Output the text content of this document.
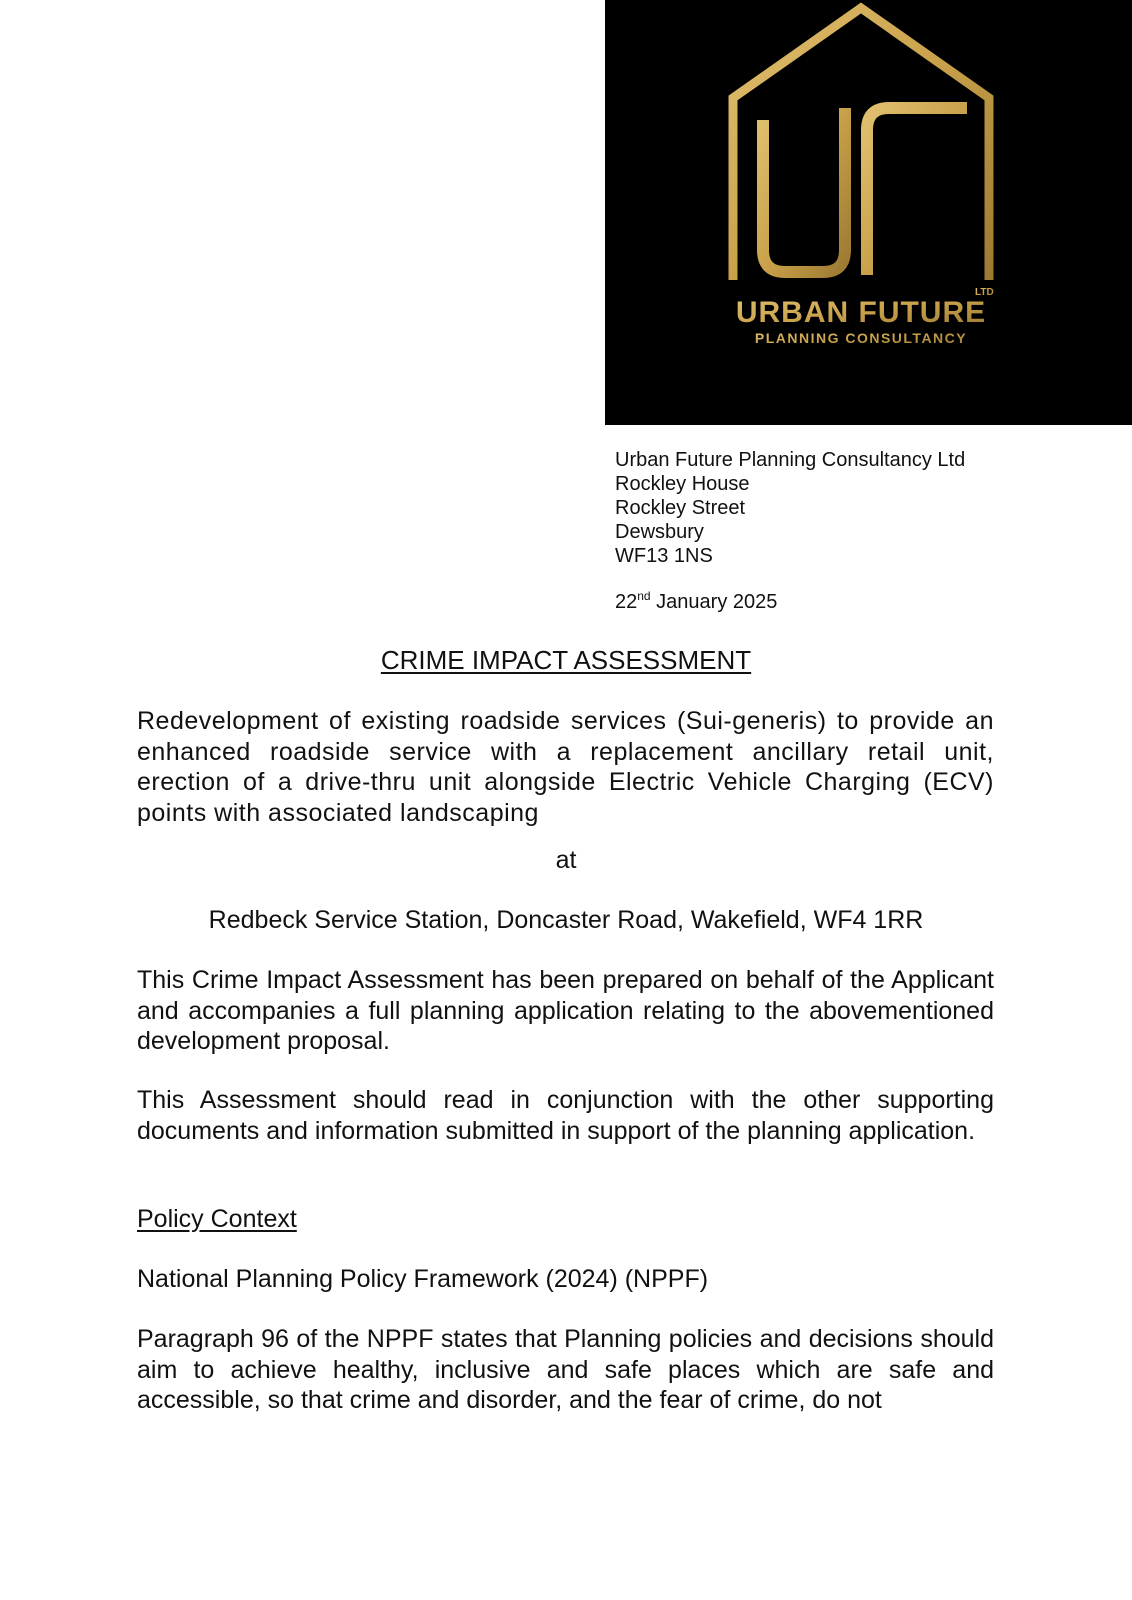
LTD
URBAN FUTURE
PLANNING CONSULTANCY
Urban Future Planning Consultancy Ltd
Rockley House
Rockley Street
Dewsbury
WF13 1NS
22nd January 2025
CRIME IMPACT ASSESSMENT
Redevelopment of existing roadside services (Sui-generis) to provide an enhanced roadside service with a replacement ancillary retail unit, erection of a drive-thru unit alongside Electric Vehicle Charging (ECV) points with associated landscaping
at
Redbeck Service Station, Doncaster Road, Wakefield, WF4 1RR
This Crime Impact Assessment has been prepared on behalf of the Applicant and accompanies a full planning application relating to the abovementioned development proposal.
This Assessment should read in conjunction with the other supporting documents and information submitted in support of the planning application.
Policy Context
National Planning Policy Framework (2024) (NPPF)
Paragraph 96 of the NPPF states that Planning policies and decisions should aim to achieve healthy, inclusive and safe places which are safe and accessible, so that crime and disorder, and the fear of crime, do not
